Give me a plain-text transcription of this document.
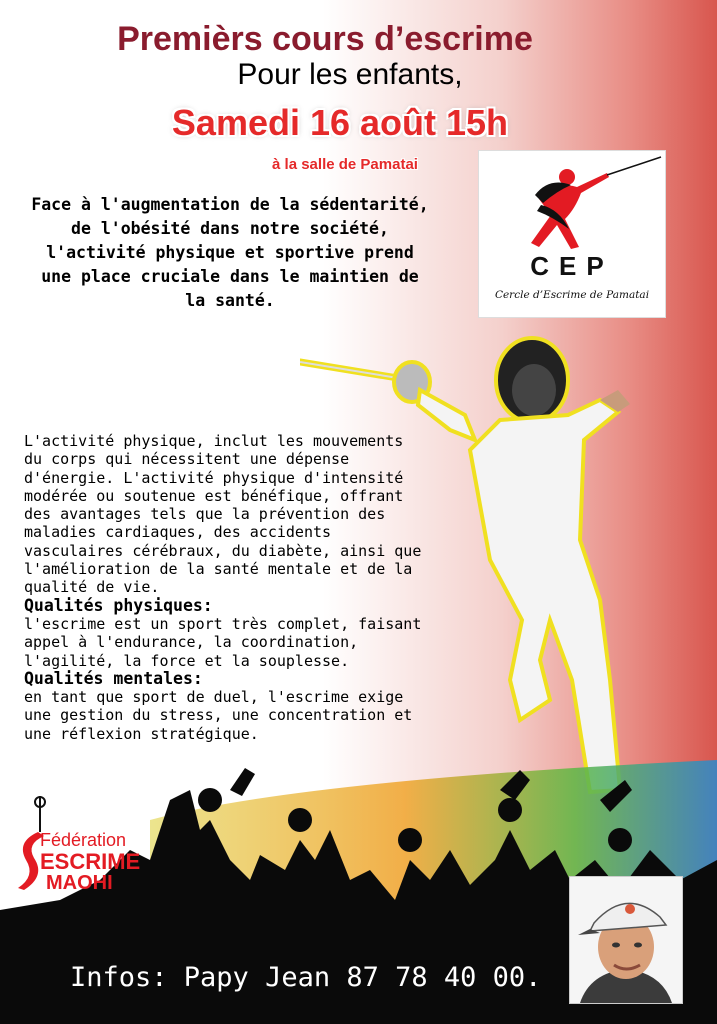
Premièrs cours d’escrime
Pour les enfants,
Samedi 16 août 15h
à la salle de Pamatai
Face à l'augmentation de la sédentarité, de l'obésité dans notre société, l'activité physique et sportive prend une place cruciale dans le maintien de la santé.
CEP
Cercle d’Escrime de Pamatai
L'activité physique, inclut les mouvements du corps qui nécessitent une dépense d'énergie. L'activité physique d'intensité modérée ou soutenue est bénéfique, offrant des avantages tels que la prévention des maladies cardiaques, des accidents vasculaires cérébraux, du diabète, ainsi que l'amélioration de la santé mentale et de la qualité de vie.
Qualités physiques:
l'escrime est un sport très complet, faisant appel à l'endurance, la coordination, l'agilité, la force et la souplesse.
Qualités mentales:
en tant que sport de duel, l'escrime exige une gestion du stress, une concentration et une réflexion stratégique.
Fédération
ESCRIME
MAOHI
Infos: Papy Jean 87 78 40 00.
